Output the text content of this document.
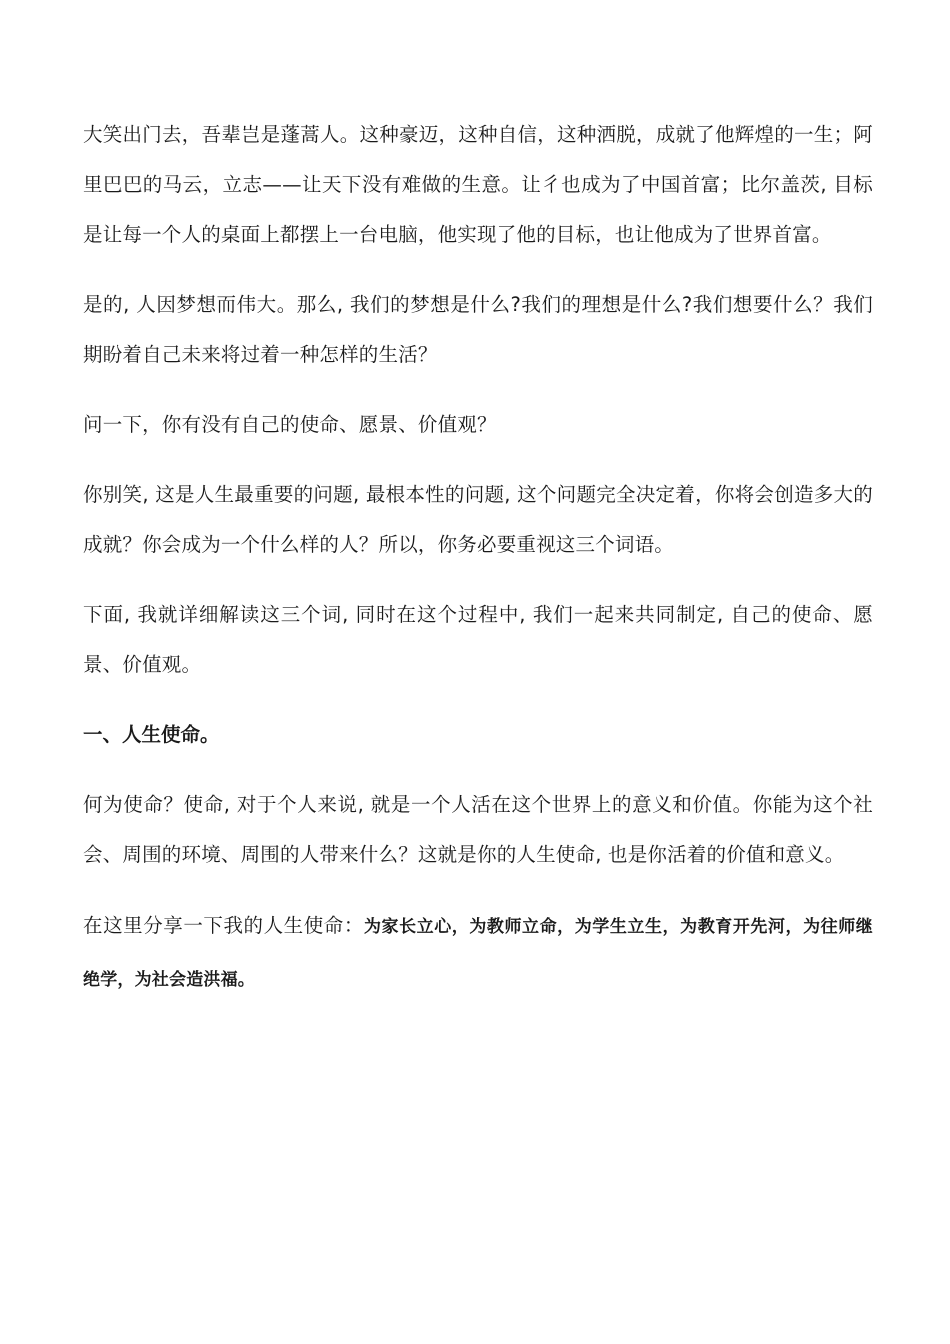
大笑出门去，吾辈岂是蓬蒿人。这种豪迈，这种自信，这种洒脱，成就了他辉煌的一生；阿里巴巴的马云，立志——让天下没有难做的生意。让彳也成为了中国首富；比尔盖茨, 目标是让每一个人的桌面上都摆上一台电脑，他实现了他的目标，也让他成为了世界首富。

是的, 人因梦想而伟大。那么, 我们的梦想是什么?我们的理想是什么?我们想要什么？我们期盼着自己未来将过着一种怎样的生活？

问一下，你有没有自己的使命、愿景、价值观？

你别笑, 这是人生最重要的问题, 最根本性的问题, 这个问题完全决定着，你将会创造多大的成就？你会成为一个什么样的人？所以，你务必要重视这三个词语。

下面, 我就详细解读这三个词, 同时在这个过程中, 我们一起来共同制定, 自己的使命、愿景、价值观。

一、人生使命。

何为使命？使命, 对于个人来说, 就是一个人活在这个世界上的意义和价值。你能为这个社会、周围的环境、周围的人带来什么？这就是你的人生使命, 也是你活着的价值和意义。

在这里分享一下我的人生使命：为家长立心，为教师立命，为学生立生，为教育开先河，为往师继绝学，为社会造洪福。
